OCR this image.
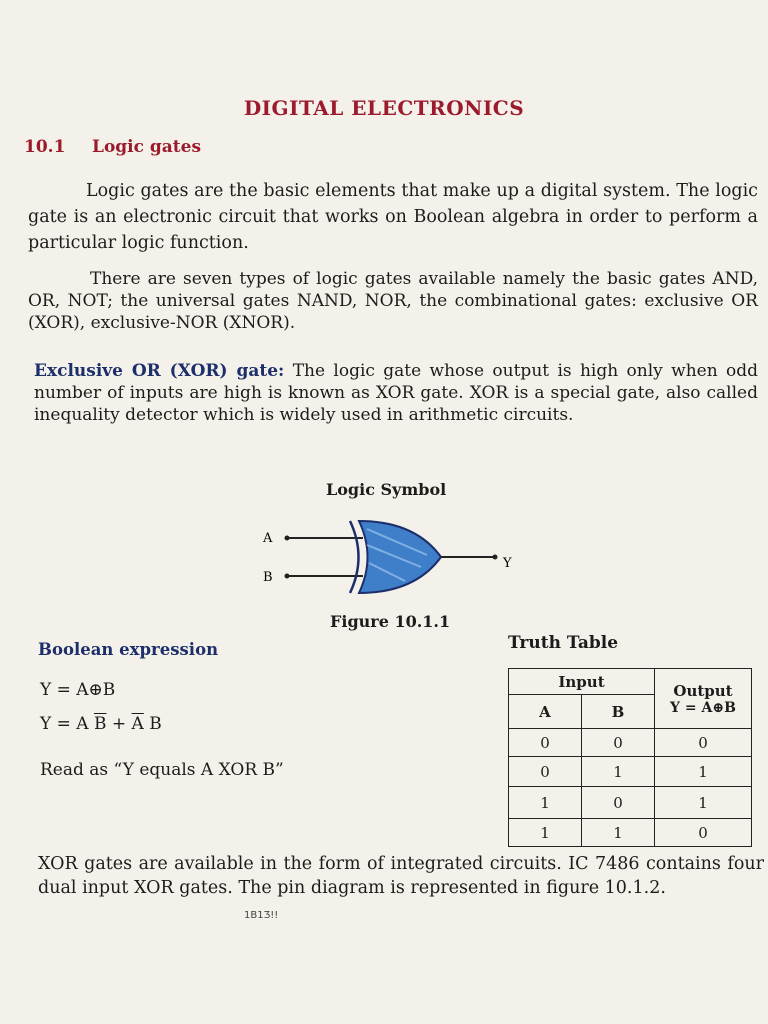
DIGITAL ELECTRONICS
10.1 Logic gates
Logic gates are the basic elements that make up a digital system. The logic gate is an electronic circuit that works on Boolean algebra in order to perform a particular logic function.
There are seven types of logic gates available namely the basic gates AND, OR, NOT; the universal gates NAND, NOR, the combinational gates: exclusive OR (XOR), exclusive-NOR (XNOR).
Exclusive OR (XOR) gate: The logic gate whose output is high only when odd number of inputs are high is known as XOR gate. XOR is a special gate, also called inequality detector which is widely used in arithmetic circuits.
Logic Symbol
A
B
Y
Figure 10.1.1
Boolean expression
Y = A⊕B
Y = A $\overline{B} + \overline{A}$ B
Read as “Y equals A XOR B”
Truth Table
Input		Output
Y = A⊕B

A	B	
0	0	0
0	1	1
1	0	1
1	1	0
XOR gates are available in the form of integrated circuits. IC 7486 contains four dual input XOR gates. The pin diagram is represented in figure 10.1.2.
1B1Ʒ!!
